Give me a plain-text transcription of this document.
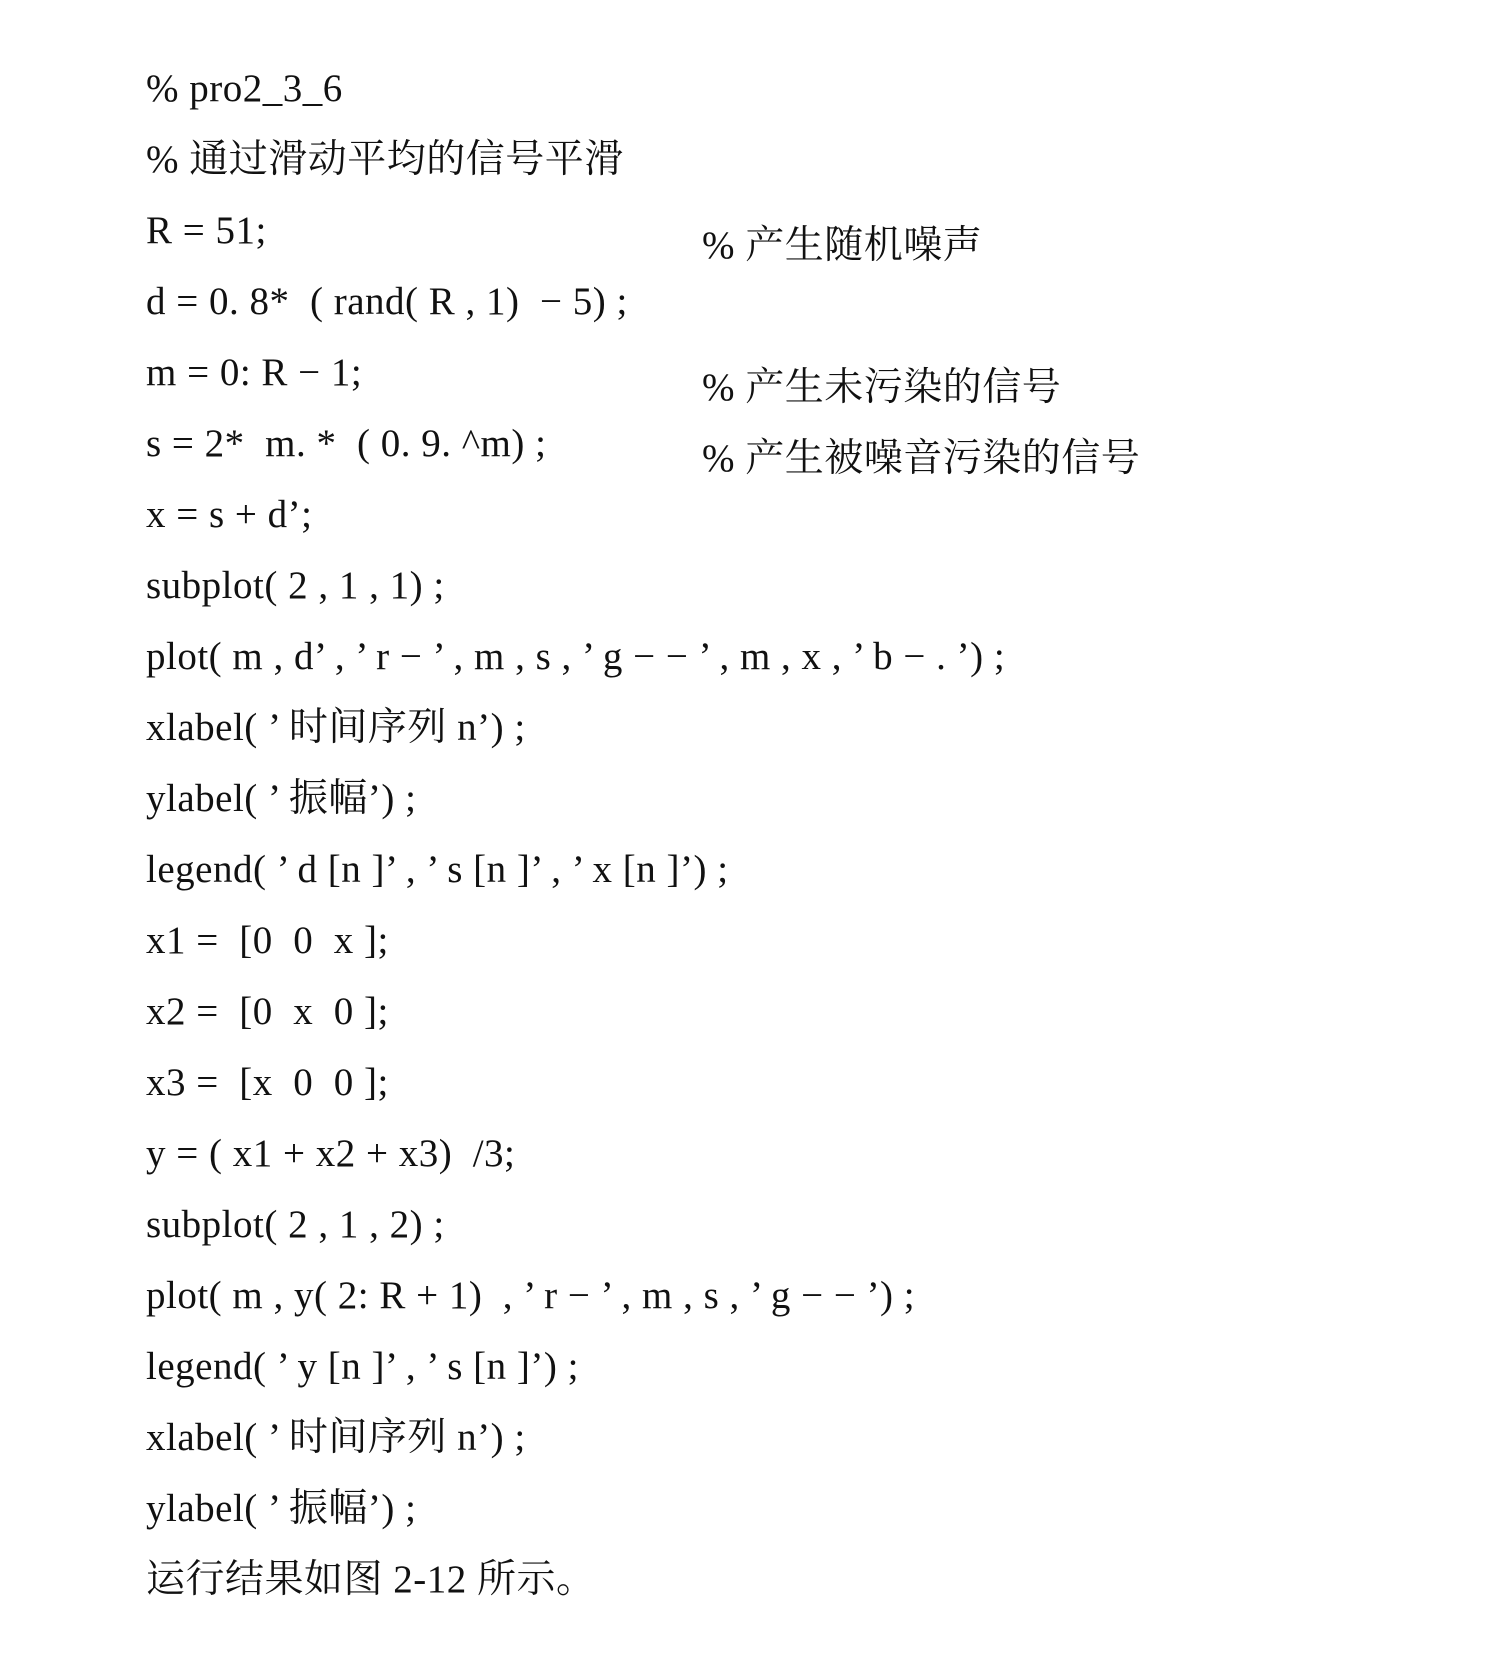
% pro2_3_6

% 通过滑动平均的信号平滑

R = 51;

d = 0. 8*  ( rand( R , 1)  − 5) ;

% 产生随机噪声

m = 0: R − 1;

s = 2*  m. *  ( 0. 9. ^m) ;

% 产生未污染的信号

x = s + d’;

% 产生被噪音污染的信号

subplot( 2 , 1 , 1) ;

plot( m , d’ , ’ r − ’ , m , s , ’ g − − ’ , m , x , ’ b − . ’) ;

xlabel( ’ 时间序列 n’) ;

ylabel( ’ 振幅’) ;

legend( ’ d [n ]’ , ’ s [n ]’ , ’ x [n ]’) ;

x1 =  [0  0  x ];

x2 =  [0  x  0 ];

x3 =  [x  0  0 ];

y = ( x1 + x2 + x3)  /3;

subplot( 2 , 1 , 2) ;

plot( m , y( 2: R + 1)  , ’ r − ’ , m , s , ’ g − − ’) ;

legend( ’ y [n ]’ , ’ s [n ]’) ;

xlabel( ’ 时间序列 n’) ;

ylabel( ’ 振幅’) ;

运行结果如图 2-12 所示。
